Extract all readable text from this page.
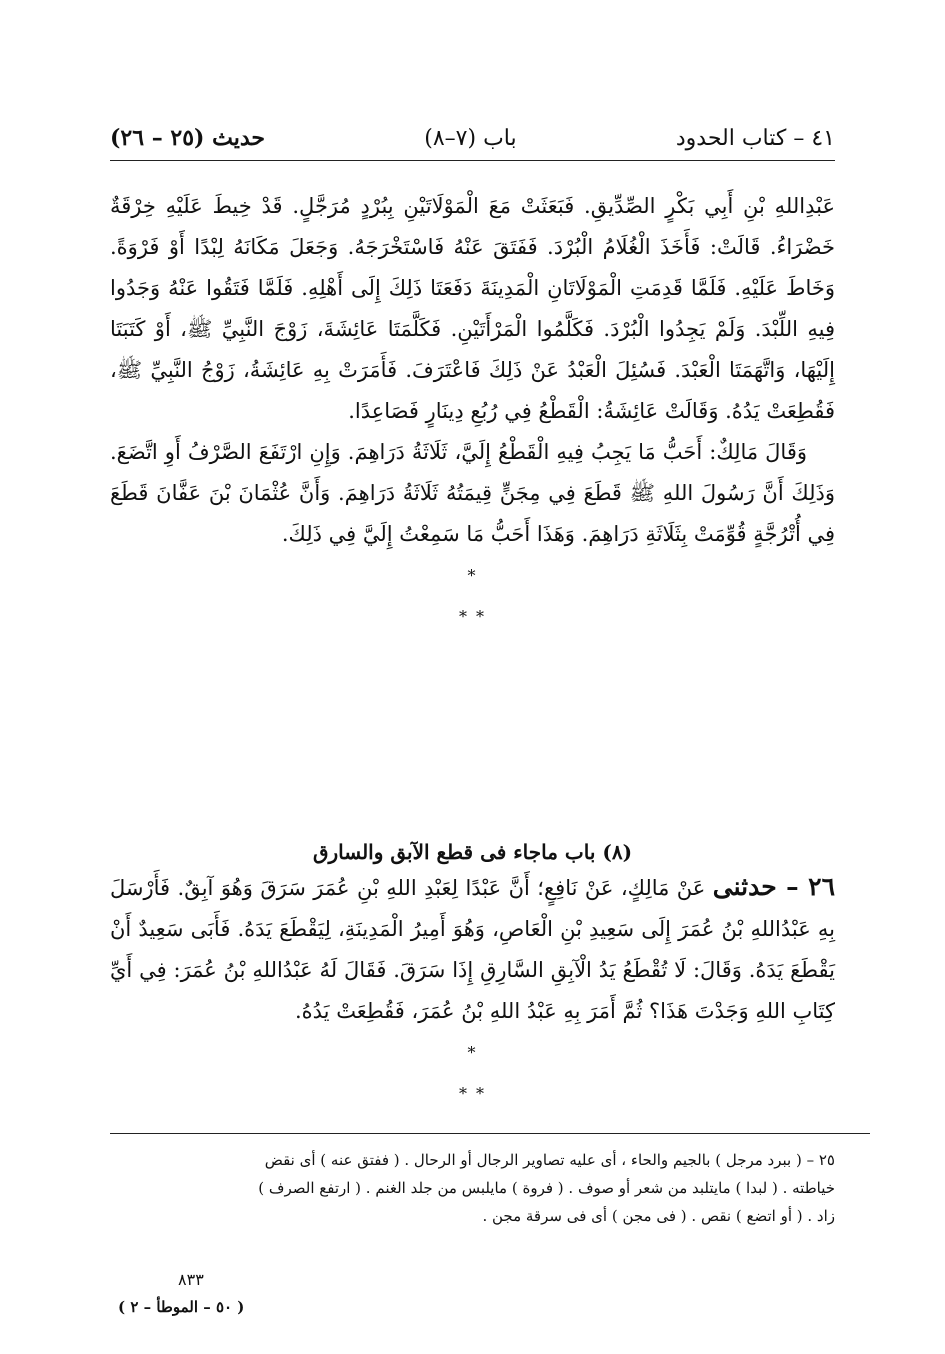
٤١ – كتاب الحدود
(٧–٨) باب
(٢٥ – ٢٦) حديث

عَبْدِاللهِ بْنِ أَبِي بَكْرٍ الصِّدِّيقِ. فَبَعَثَتْ مَعَ الْمَوْلَاتَيْنِ بِبُرْدٍ مُرَجَّلٍ. قَدْ خِيطَ عَلَيْهِ خِرْقَةٌ خَضْرَاءُ. قَالَتْ: فَأَخَذَ الْغُلَامُ الْبُرْدَ. فَفَتَقَ عَنْهُ فَاسْتَخْرَجَهُ. وَجَعَلَ مَكَانَهُ لِبْدًا أَوْ فَرْوَةً. وَخَاطَ عَلَيْهِ. فَلَمَّا قَدِمَتِ الْمَوْلَاتَانِ الْمَدِينَةَ دَفَعَتَا ذَلِكَ إِلَى أَهْلِهِ. فَلَمَّا فَتَقُوا عَنْهُ وَجَدُوا فِيهِ اللِّبْدَ. وَلَمْ يَجِدُوا الْبُرْدَ. فَكَلَّمُوا الْمَرْأَتَيْنِ. فَكَلَّمَتَا عَائِشَةَ، زَوْجَ النَّبِيِّ ﷺ، أَوْ كَتَبَتَا إِلَيْهَا، وَاتَّهَمَتَا الْعَبْدَ. فَسُئِلَ الْعَبْدُ عَنْ ذَلِكَ فَاعْتَرَفَ. فَأَمَرَتْ بِهِ عَائِشَةُ، زَوْجُ النَّبِيِّ ﷺ، فَقُطِعَتْ يَدُهُ. وَقَالَتْ عَائِشَةُ: الْقَطْعُ فِي رُبُعِ دِينَارٍ فَصَاعِدًا.

وَقَالَ مَالِكٌ: أَحَبُّ مَا يَجِبُ فِيهِ الْقَطْعُ إِلَيَّ، ثَلَاثَةُ دَرَاهِمَ. وَإِنِ ارْتَفَعَ الصَّرْفُ أَوِ اتَّضَعَ. وَذَلِكَ أَنَّ رَسُولَ اللهِ ﷺ قَطَعَ فِي مِجَنٍّ قِيمَتُهُ ثَلَاثَةُ دَرَاهِمَ. وَأَنَّ عُثْمَانَ بْنَ عَفَّانَ قَطَعَ فِي أُتْرُجَّةٍ قُوِّمَتْ بِثَلَاثَةِ دَرَاهِمَ. وَهَذَا أَحَبُّ مَا سَمِعْتُ إِلَيَّ فِي ذَلِكَ.

*
* *

(٨) باب ماجاء فى قطع الآبق والسارق

٢٦ – حدثنى عَنْ مَالِكٍ، عَنْ نَافِعٍ؛ أَنَّ عَبْدًا لِعَبْدِ اللهِ بْنِ عُمَرَ سَرَقَ وَهُوَ آبِقٌ. فَأَرْسَلَ بِهِ عَبْدُاللهِ بْنُ عُمَرَ إِلَى سَعِيدِ بْنِ الْعَاصِ، وَهُوَ أَمِيرُ الْمَدِينَةِ، لِيَقْطَعَ يَدَهُ. فَأَبَى سَعِيدٌ أَنْ يَقْطَعَ يَدَهُ. وَقَالَ: لَا تُقْطَعُ يَدُ الْآبِقِ السَّارِقِ إِذَا سَرَقَ. فَقَالَ لَهُ عَبْدُاللهِ بْنُ عُمَرَ: فِي أَيِّ كِتَابِ اللهِ وَجَدْتَ هَذَا؟ ثُمَّ أَمَرَ بِهِ عَبْدُ اللهِ بْنُ عُمَرَ، فَقُطِعَتْ يَدُهُ.

*
* *

٢٥ – ( ببرد مرجل ) بالجيم والحاء ، أى عليه تصاوير الرجال أو الرحال . ( ففتق عنه ) أى نقض

خياطته . ( لبدا ) مايتلبد من شعر أو صوف . ( فروة ) مايلبس من جلد الغنم . ( ارتفع الصرف )

زاد . ( أو اتضع ) نقص . ( فى مجن ) أى فى سرقة مجن .

٨٣٣
( ٥٠ – الموطأ – ٢ )
